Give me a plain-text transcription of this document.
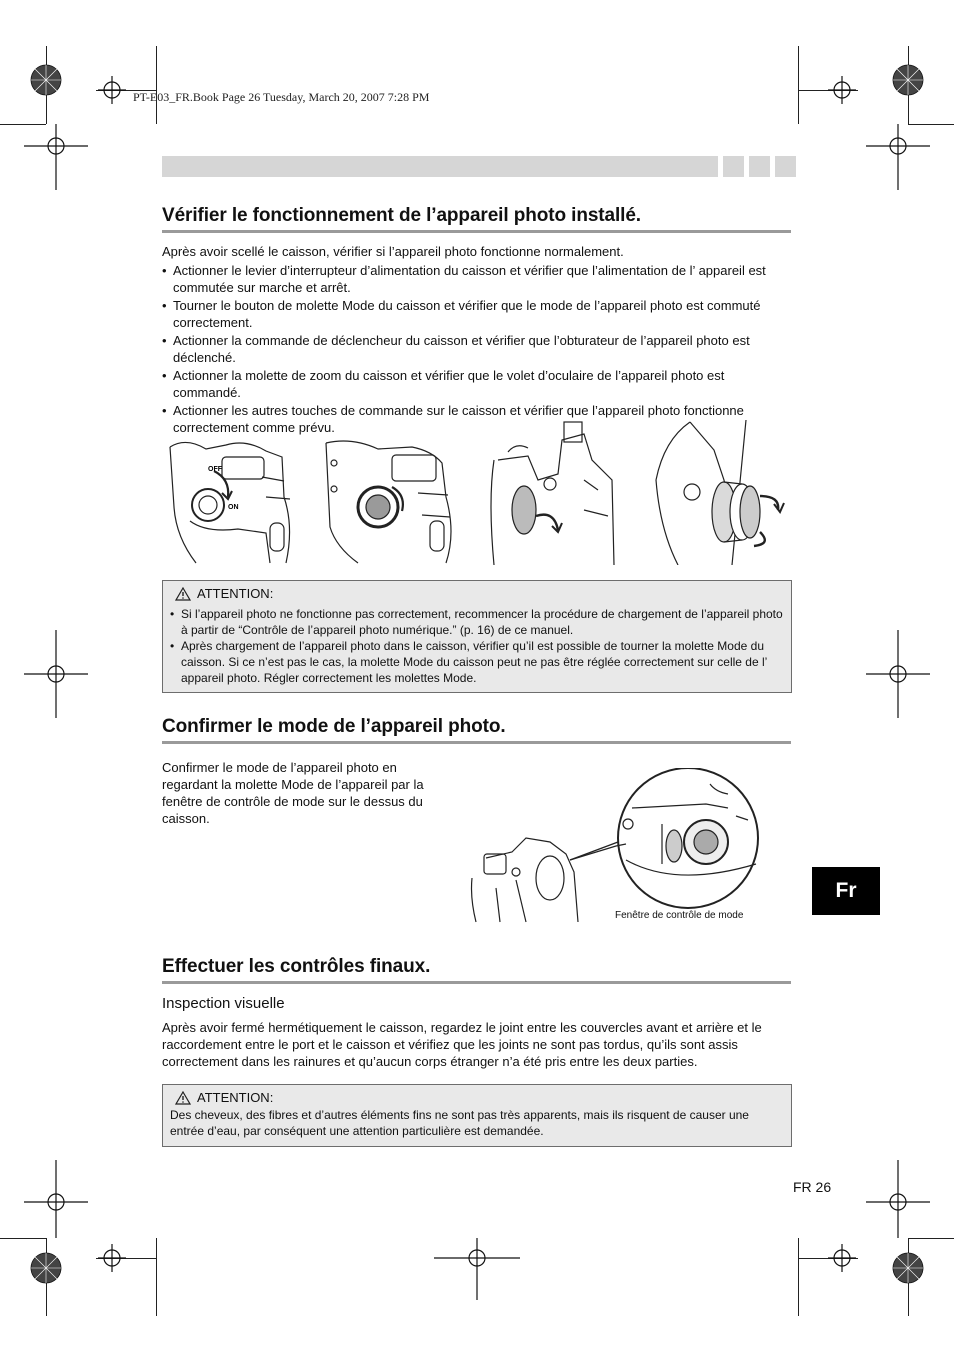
PT-E03_FR.Book Page 26 Tuesday, March 20, 2007 7:28 PM
Vérifier le fonctionnement de l’appareil photo installé.
Après avoir scellé le caisson, vérifier si l’appareil photo fonctionne normalement.
• Actionner le levier d’interrupteur d’alimentation du caisson et vérifier que l’alimentation de l’ appareil est commutée sur marche et arrêt.
• Tourner le bouton de molette Mode du caisson et vérifier que le mode de l’appareil photo est commuté correctement.
• Actionner la commande de déclencheur du caisson et vérifier que l’obturateur de l’appareil photo est déclenché.
• Actionner la molette de zoom du caisson et vérifier que le volet d’oculaire de l’appareil photo est commandé.
• Actionner les autres touches de commande sur le caisson et vérifier que l’appareil photo fonctionne correctement comme prévu.
OFF
ON
ATTENTION:
• Si l’appareil photo ne fonctionne pas correctement, recommencer la procédure de chargement de l’appareil photo à partir de “Contrôle de l’appareil photo numérique.” (p. 16) de ce manuel.
• Après chargement de l’appareil photo dans le caisson, vérifier qu’il est possible de tourner la molette Mode du caisson. Si ce n’est pas le cas, la molette Mode du caisson peut ne pas être réglée correctement sur celle de l’ appareil photo. Régler correctement les molettes Mode.
Confirmer le mode de l’appareil photo.
Confirmer le mode de l’appareil photo en regardant la molette Mode de l’appareil par la fenêtre de contrôle de mode sur le dessus du caisson.
Fenêtre de contrôle de mode
Effectuer les contrôles finaux.
Inspection visuelle
Après avoir fermé hermétiquement le caisson, regardez le joint entre les couvercles avant et arrière et le raccordement entre le port et le caisson et vérifiez que les joints ne sont pas tordus, qu’ils sont assis correctement dans les rainures et qu’aucun corps étranger n’a été pris entre les deux parties.
ATTENTION:
Des cheveux, des fibres et d’autres éléments fins ne sont pas très apparents, mais ils risquent de causer une entrée d’eau, par conséquent une attention particulière est demandée.
Fr
FR 26
